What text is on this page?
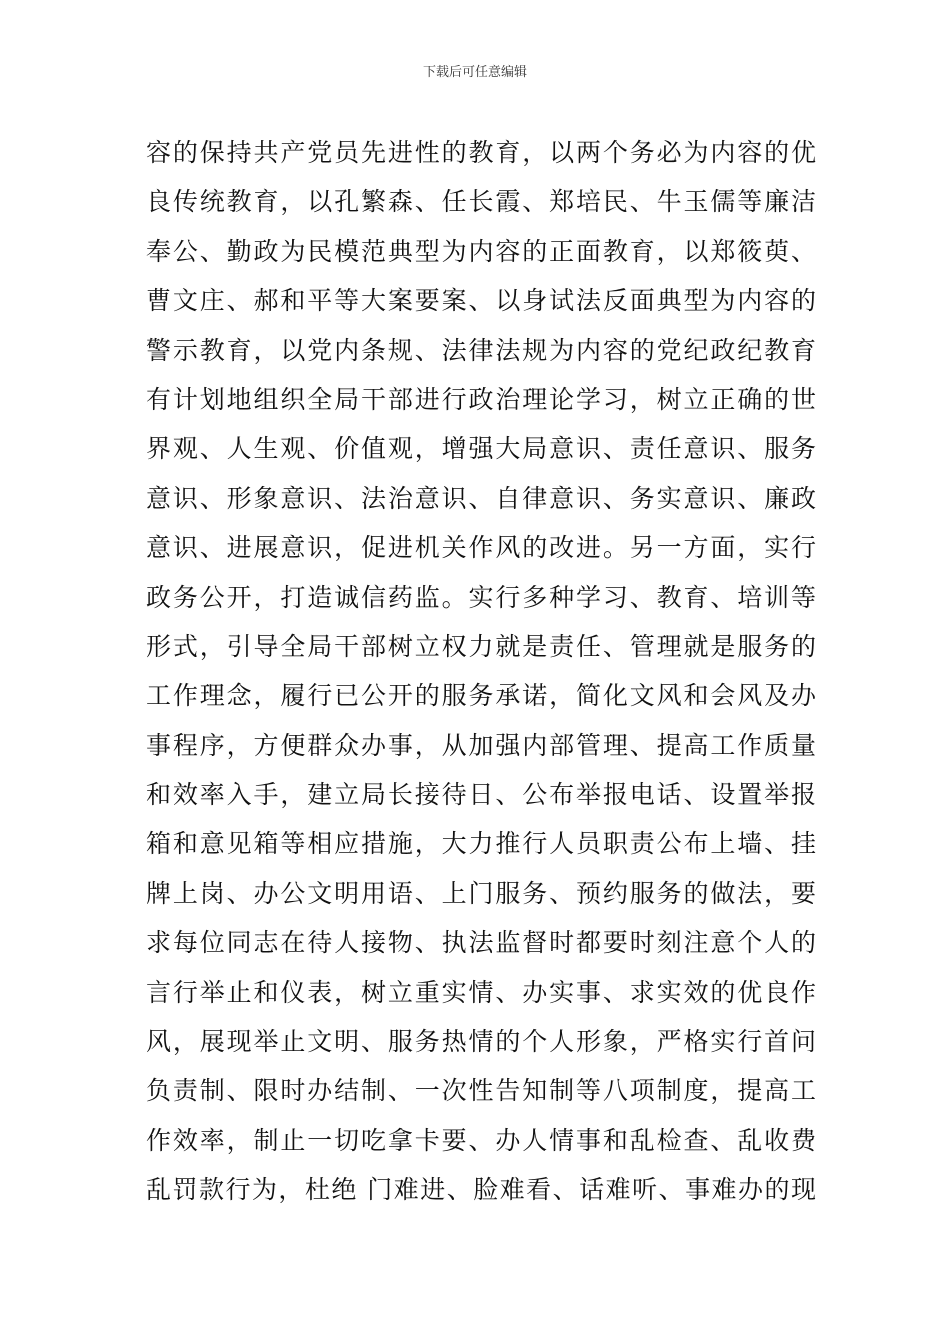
下载后可任意编辑
容的保持共产党员先进性的教育，以两个务必为内容的优
良传统教育，以孔繁森、任长霞、郑培民、牛玉儒等廉洁
奉公、勤政为民模范典型为内容的正面教育，以郑筱萸、
曹文庄、郝和平等大案要案、以身试法反面典型为内容的
警示教育，以党内条规、法律法规为内容的党纪政纪教育
有计划地组织全局干部进行政治理论学习，树立正确的世
界观、人生观、价值观，增强大局意识、责任意识、服务
意识、形象意识、法治意识、自律意识、务实意识、廉政
意识、进展意识，促进机关作风的改进。另一方面，实行
政务公开，打造诚信药监。实行多种学习、教育、培训等
形式，引导全局干部树立权力就是责任、管理就是服务的
工作理念，履行已公开的服务承诺，简化文风和会风及办
事程序，方便群众办事，从加强内部管理、提高工作质量
和效率入手，建立局长接待日、公布举报电话、设置举报
箱和意见箱等相应措施，大力推行人员职责公布上墙、挂
牌上岗、办公文明用语、上门服务、预约服务的做法，要
求每位同志在待人接物、执法监督时都要时刻注意个人的
言行举止和仪表，树立重实情、办实事、求实效的优良作
风，展现举止文明、服务热情的个人形象，严格实行首问
负责制、限时办结制、一次性告知制等八项制度，提高工
作效率，制止一切吃拿卡要、办人情事和乱检查、乱收费
乱罚款行为，杜绝 门难进、脸难看、话难听、事难办的现
